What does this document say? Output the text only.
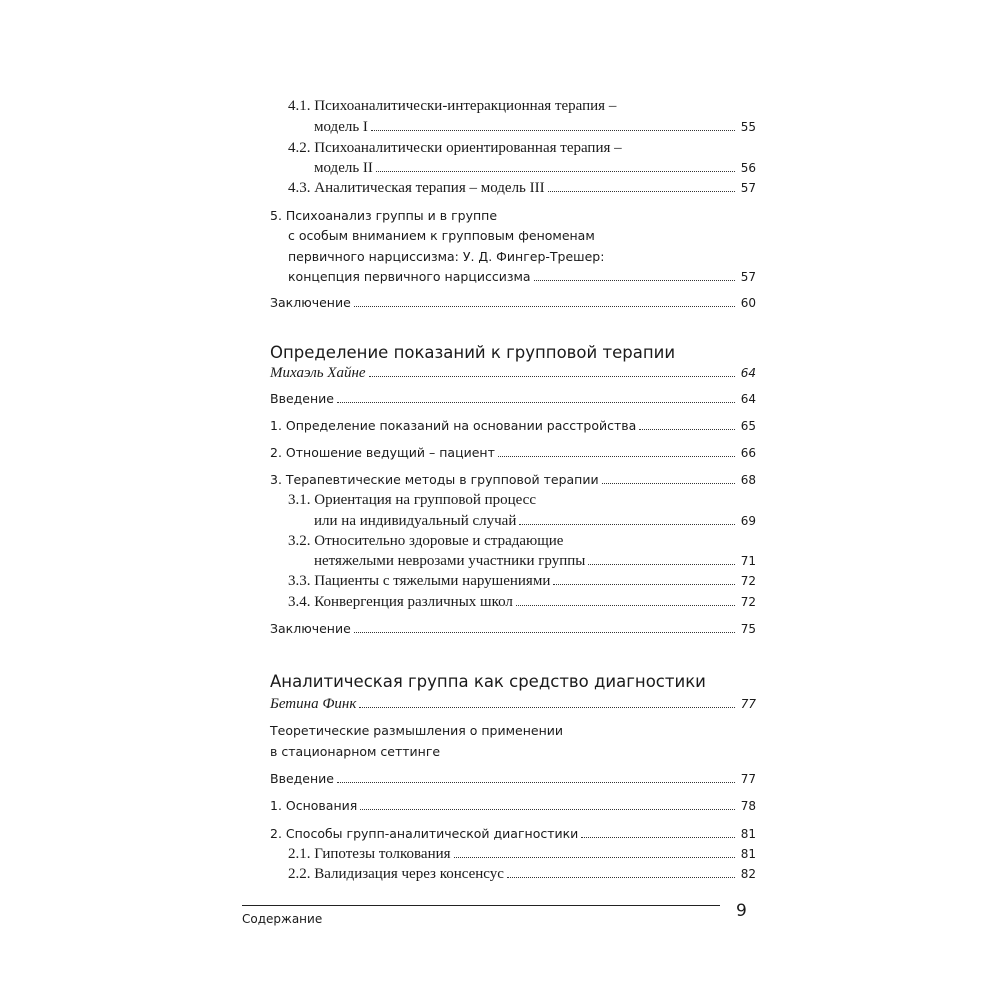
4.1. Психоаналитически-интеракционная терапия –
модель I	55
4.2. Психоаналитически ориентированная терапия –
модель II	56
4.3. Аналитическая терапия – модель III	57
5. Психоанализ группы и в группе
с особым вниманием к групповым феноменам
первичного нарциссизма: У. Д. Фингер-Трешер:
концепция первичного нарциссизма	57
Заключение	60
Определение показаний к групповой терапии
Михаэль Хайне	64
Введение	64
1. Определение показаний на основании расстройства	65
2. Отношение ведущий – пациент	66
3. Терапевтические методы в групповой терапии	68
3.1. Ориентация на групповой процесс
или на индивидуальный случай	69
3.2. Относительно здоровые и страдающие
нетяжелыми неврозами участники группы	71
3.3. Пациенты с тяжелыми нарушениями	72
3.4. Конвергенция различных школ	72
Заключение	75
Аналитическая группа как средство диагностики
Бетина Финк	77
Теоретические размышления о применении
в стационарном сеттинге
Введение	77
1. Основания	78
2. Способы групп-аналитической диагностики	81
2.1. Гипотезы толкования	81
2.2. Валидизация через консенсус	82
Содержание	9
